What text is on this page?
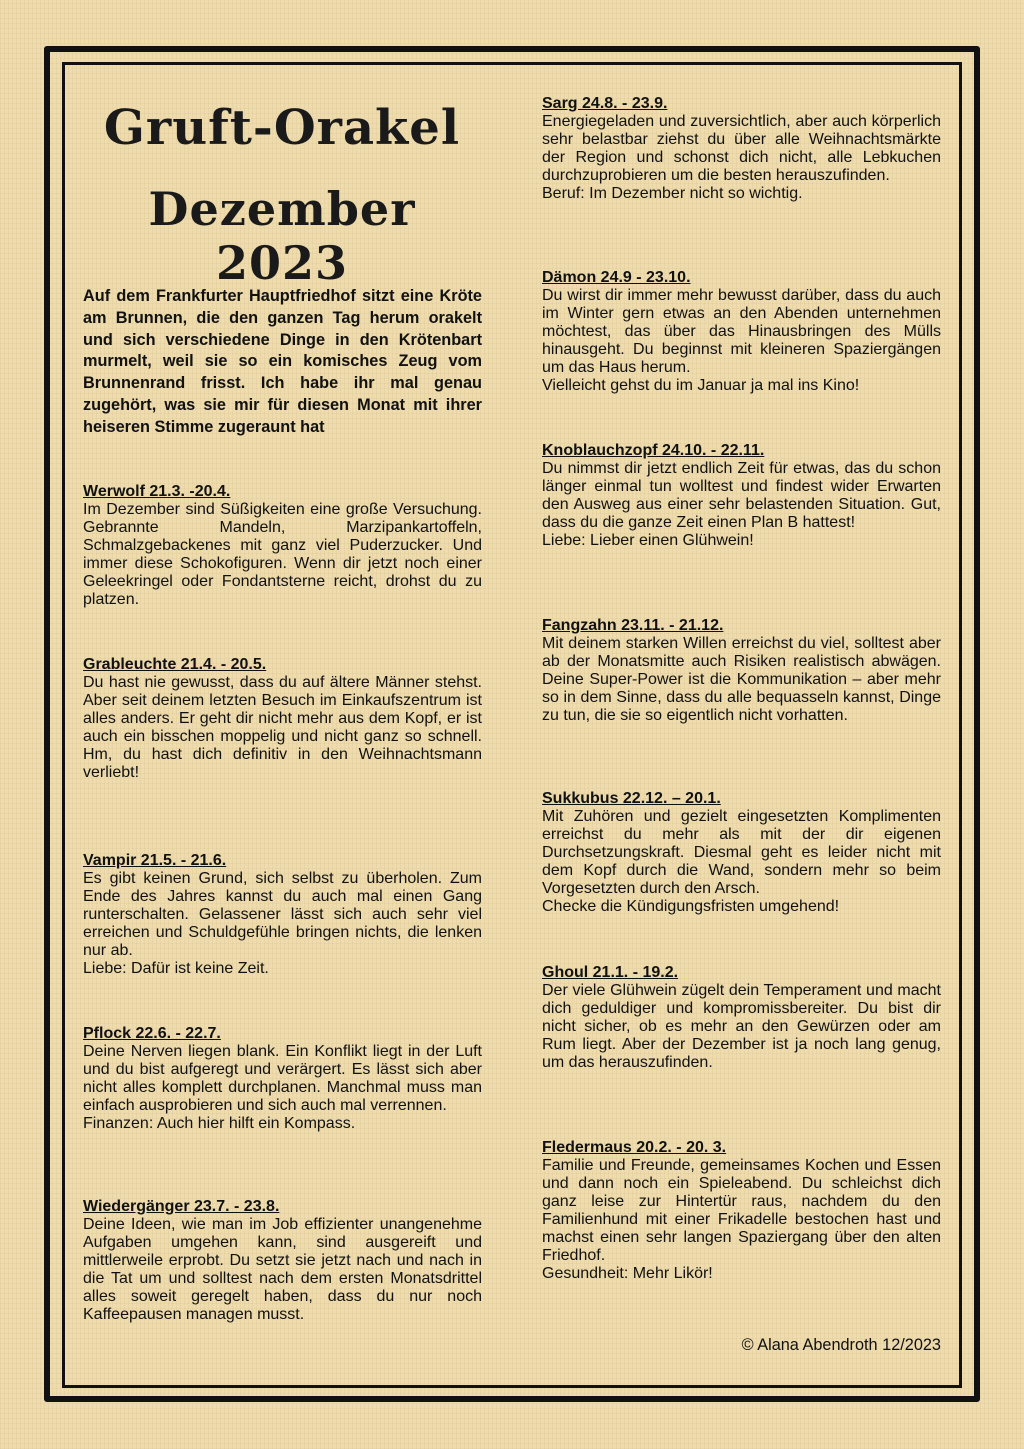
Gruft-Orakel
Dezember 2023
Auf dem Frankfurter Hauptfriedhof sitzt eine Kröte am Brunnen, die den ganzen Tag herum orakelt und sich verschiedene Dinge in den Krötenbart murmelt, weil sie so ein komisches Zeug vom Brunnenrand frisst. Ich habe ihr mal genau zugehört, was sie mir für diesen Monat mit ihrer heiseren Stimme zugeraunt hat
Werwolf 21.3. -20.4.
Im Dezember sind Süßigkeiten eine große Versuchung. Gebrannte Mandeln, Marzipankartoffeln, Schmalzgebackenes mit ganz viel Puderzucker. Und immer diese Schokofiguren. Wenn dir jetzt noch einer Geleekringel oder Fondantsterne reicht, drohst du zu platzen.
Grableuchte 21.4. - 20.5.
Du hast nie gewusst, dass du auf ältere Männer stehst. Aber seit deinem letzten Besuch im Einkaufszentrum ist alles anders. Er geht dir nicht mehr aus dem Kopf, er ist auch ein bisschen moppelig und nicht ganz so schnell. Hm, du hast dich definitiv in den Weihnachtsmann verliebt!
Vampir 21.5. - 21.6.
Es gibt keinen Grund, sich selbst zu überholen. Zum Ende des Jahres kannst du auch mal einen Gang runterschalten. Gelassener lässt sich auch sehr viel erreichen und Schuldgefühle bringen nichts, die lenken nur ab.
Liebe: Dafür ist keine Zeit.
Pflock 22.6. - 22.7.
Deine Nerven liegen blank. Ein Konflikt liegt in der Luft und du bist aufgeregt und verärgert. Es lässt sich aber nicht alles komplett durchplanen. Manchmal muss man einfach ausprobieren und sich auch mal verrennen.
Finanzen: Auch hier hilft ein Kompass.
Wiedergänger 23.7. - 23.8.
Deine Ideen, wie man im Job effizienter unangenehme Aufgaben umgehen kann, sind ausgereift und mittlerweile erprobt. Du setzt sie jetzt nach und nach in die Tat um und solltest nach dem ersten Monatsdrittel alles soweit geregelt haben, dass du nur noch Kaffeepausen managen musst.
Sarg 24.8. - 23.9.
Energiegeladen und zuversichtlich, aber auch körperlich sehr belastbar ziehst du über alle Weihnachtsmärkte der Region und schonst dich nicht, alle Lebkuchen durchzuprobieren um die besten herauszufinden.
Beruf: Im Dezember nicht so wichtig.
Dämon 24.9 - 23.10.
Du wirst dir immer mehr bewusst darüber, dass du auch im Winter gern etwas an den Abenden unternehmen möchtest, das über das Hinausbringen des Mülls hinausgeht. Du beginnst mit kleineren Spaziergängen um das Haus herum.
Vielleicht gehst du im Januar ja mal ins Kino!
Knoblauchzopf 24.10. - 22.11.
Du nimmst dir jetzt endlich Zeit für etwas, das du schon länger einmal tun wolltest und findest wider Erwarten den Ausweg aus einer sehr belastenden Situation. Gut, dass du die ganze Zeit einen Plan B hattest!
Liebe: Lieber einen Glühwein!
Fangzahn 23.11. - 21.12.
Mit deinem starken Willen erreichst du viel, solltest aber ab der Monatsmitte auch Risiken realistisch abwägen. Deine Super-Power ist die Kommunikation – aber mehr so in dem Sinne, dass du alle bequasseln kannst, Dinge zu tun, die sie so eigentlich nicht vorhatten.
Sukkubus 22.12. – 20.1.
Mit Zuhören und gezielt eingesetzten Komplimenten erreichst du mehr als mit der dir eigenen Durchsetzungskraft. Diesmal geht es leider nicht mit dem Kopf durch die Wand, sondern mehr so beim Vorgesetzten durch den Arsch.
Checke die Kündigungsfristen umgehend!
Ghoul 21.1. - 19.2.
Der viele Glühwein zügelt dein Temperament und macht dich geduldiger und kompromissbereiter. Du bist dir nicht sicher, ob es mehr an den Gewürzen oder am Rum liegt. Aber der Dezember ist ja noch lang genug, um das herauszufinden.
Fledermaus 20.2. - 20. 3.
Familie und Freunde, gemeinsames Kochen und Essen und dann noch ein Spieleabend. Du schleichst dich ganz leise zur Hintertür raus, nachdem du den Familienhund mit einer Frikadelle bestochen hast und machst einen sehr langen Spaziergang über den alten Friedhof.
Gesundheit: Mehr Likör!
© Alana Abendroth 12/2023
